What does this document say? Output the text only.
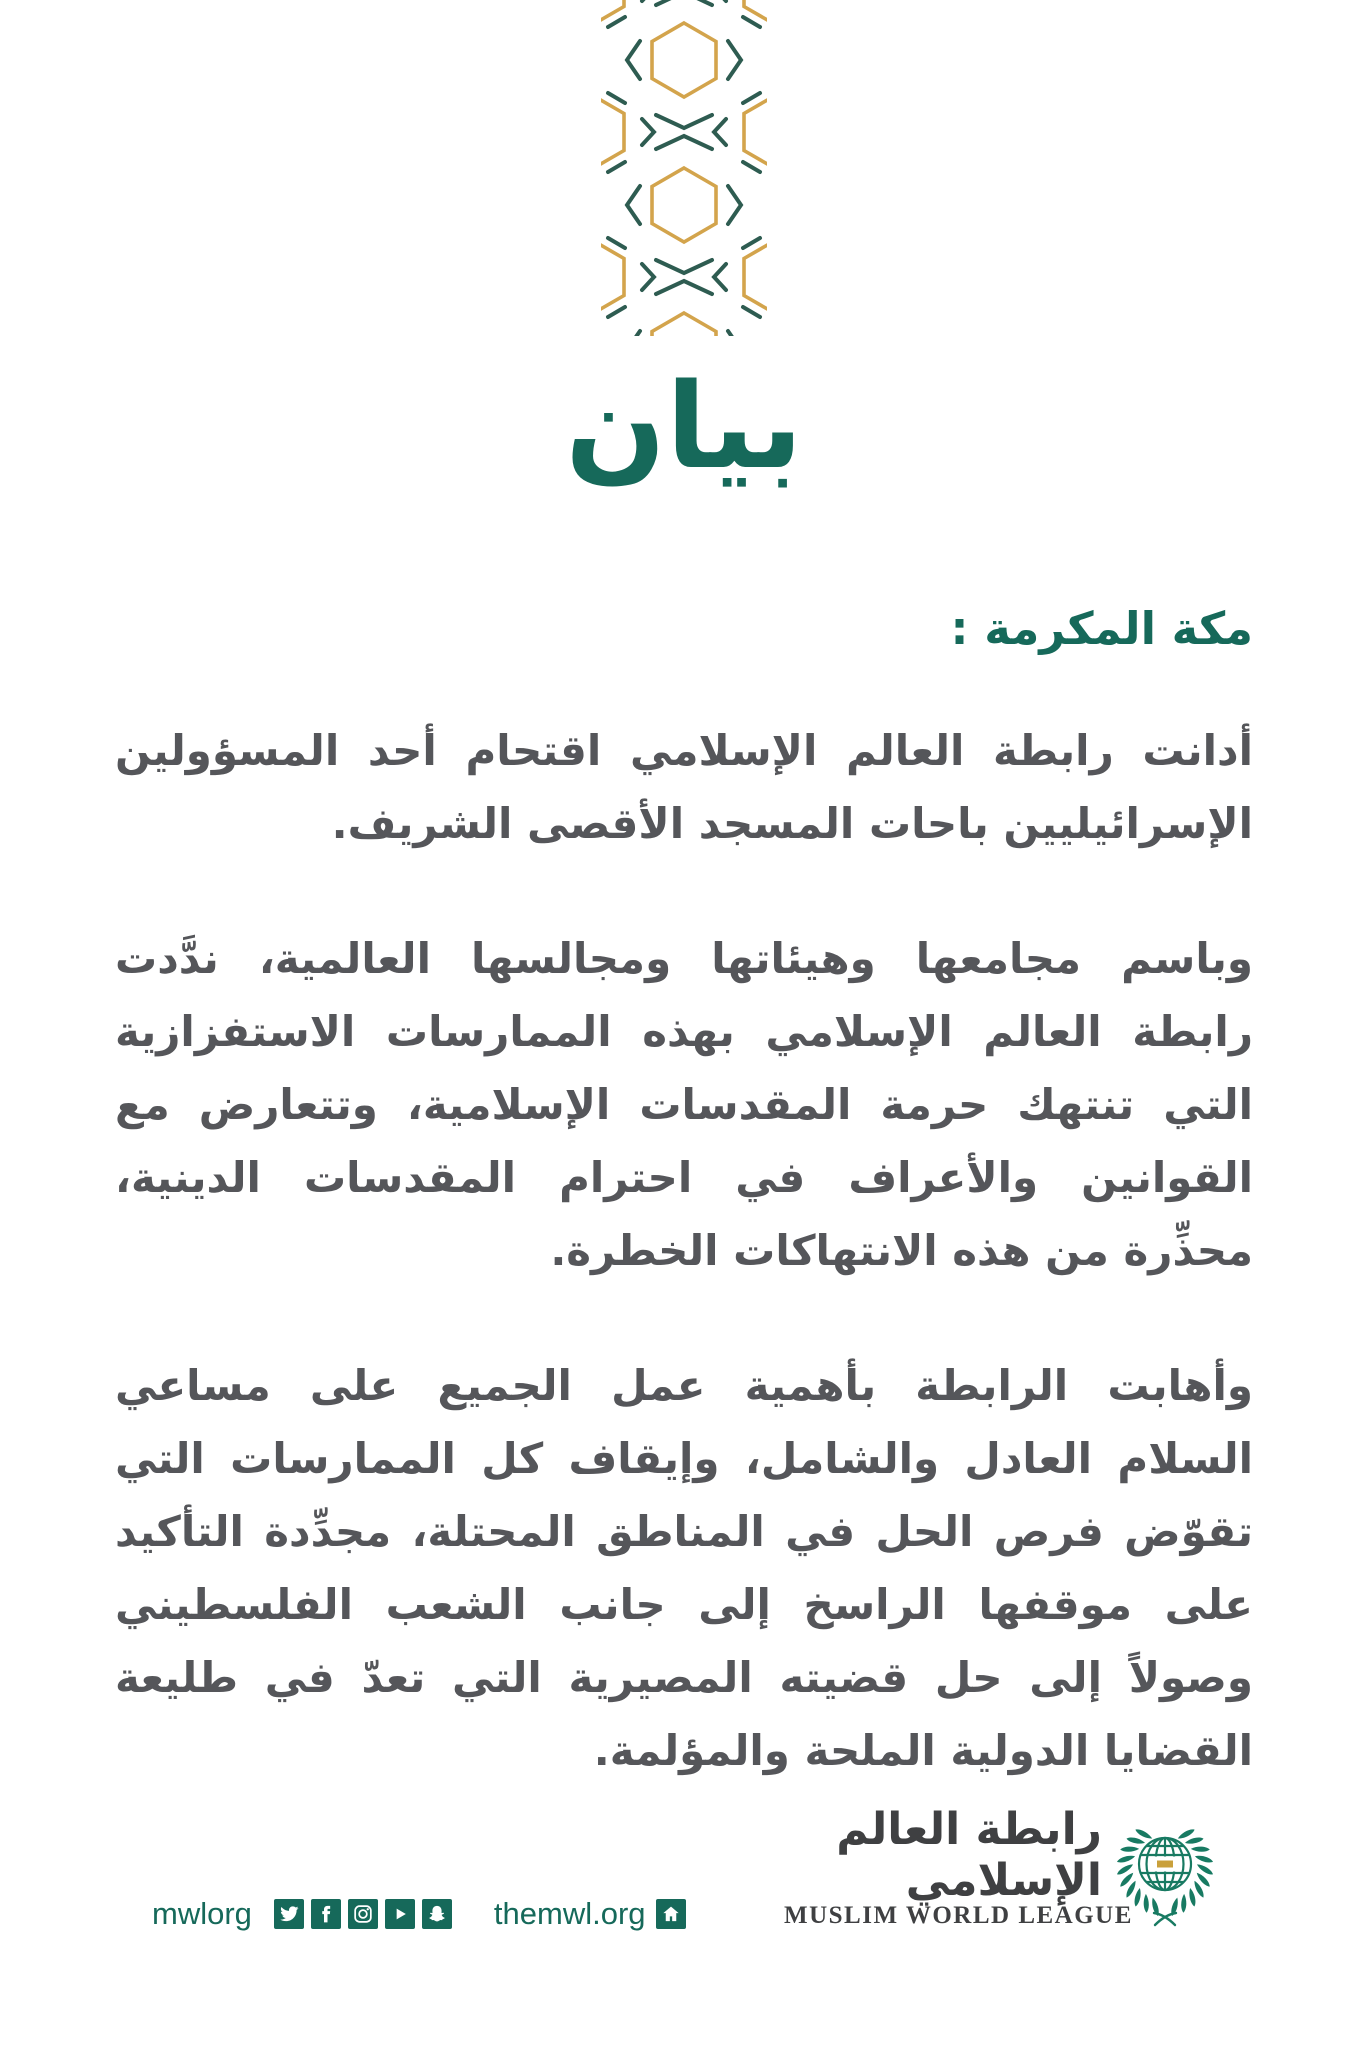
بيان
مكة المكرمة :

أدانت رابطة العالم الإسلامي اقتحام أحد المسؤولين الإسرائيليين باحات المسجد الأقصى الشريف.

وباسم مجامعها وهيئاتها ومجالسها العالمية، ندَّدت رابطة العالم الإسلامي بهذه الممارسات الاستفزازية التي تنتهك حرمة المقدسات الإسلامية، وتتعارض مع القوانين والأعراف في احترام المقدسات الدينية، محذِّرة من هذه الانتهاكات الخطرة.

وأهابت الرابطة بأهمية عمل الجميع على مساعي السلام العادل والشامل، وإيقاف كل الممارسات التي تقوّض فرص الحل في المناطق المحتلة، مجدِّدة التأكيد على موقفها الراسخ إلى جانب الشعب الفلسطيني وصولاً إلى حل قضيته المصيرية التي تعدّ في طليعة القضايا الدولية الملحة والمؤلمة.

mwlorg	themwl.org
رابطة العالم الإسلامي
MUSLIM WORLD LEAGUE
